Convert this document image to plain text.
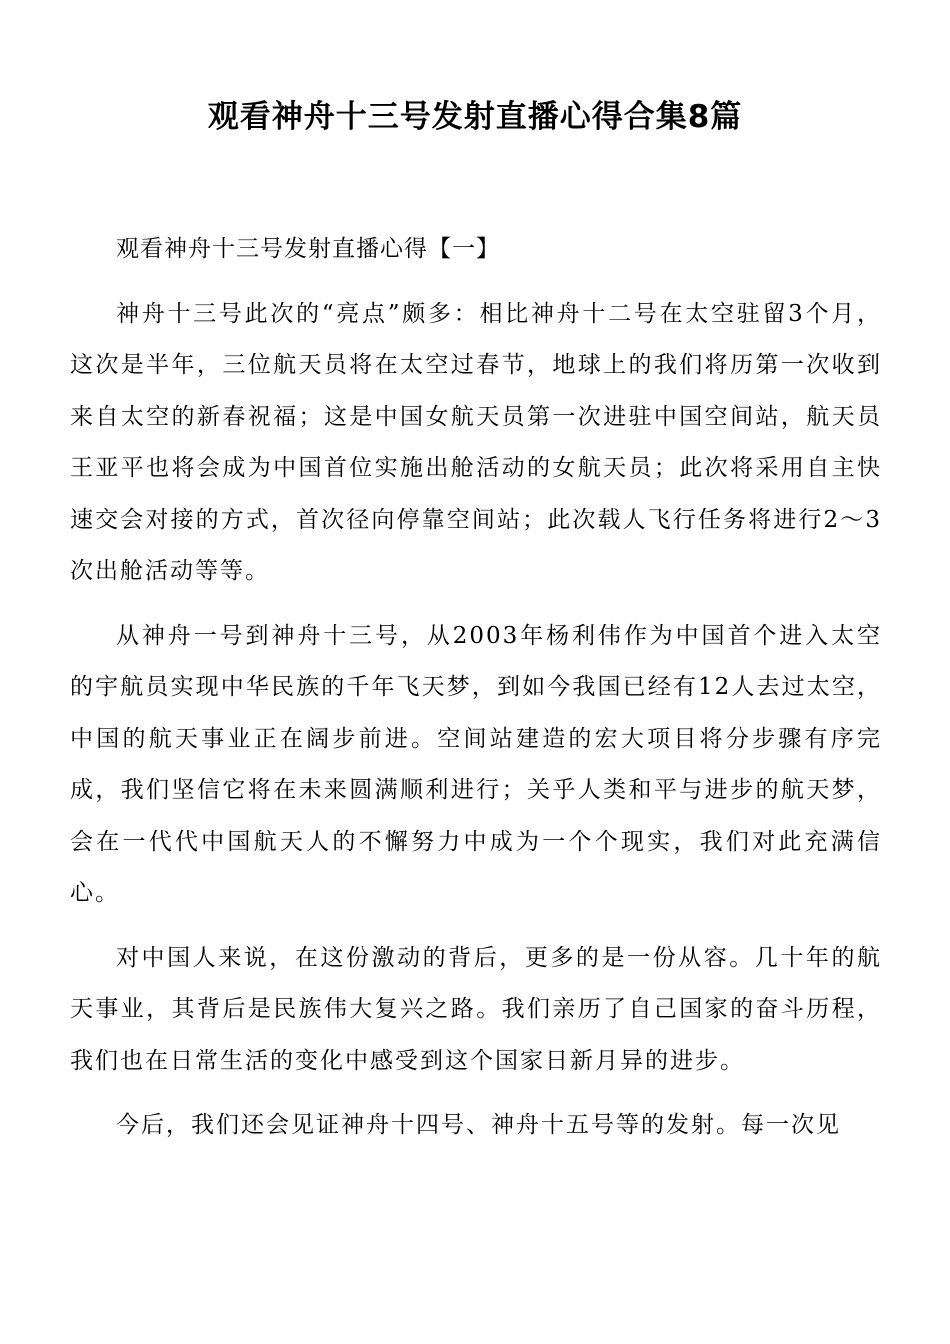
观看神舟十三号发射直播心得合集8篇

观看神舟十三号发射直播心得【一】

神舟十三号此次的“亮点”颇多：相比神舟十二号在太空驻留3个月，这次是半年，三位航天员将在太空过春节，地球上的我们将历第一次收到来自太空的新春祝福；这是中国女航天员第一次进驻中国空间站，航天员王亚平也将会成为中国首位实施出舱活动的女航天员；此次将采用自主快速交会对接的方式，首次径向停靠空间站；此次载人飞行任务将进行2～3次出舱活动等等。

从神舟一号到神舟十三号，从2003年杨利伟作为中国首个进入太空的宇航员实现中华民族的千年飞天梦，到如今我国已经有12人去过太空，中国的航天事业正在阔步前进。空间站建造的宏大项目将分步骤有序完成，我们坚信它将在未来圆满顺利进行；关乎人类和平与进步的航天梦，会在一代代中国航天人的不懈努力中成为一个个现实，我们对此充满信心。

对中国人来说，在这份激动的背后，更多的是一份从容。几十年的航天事业，其背后是民族伟大复兴之路。我们亲历了自己国家的奋斗历程，我们也在日常生活的变化中感受到这个国家日新月异的进步。

今后，我们还会见证神舟十四号、神舟十五号等的发射。每一次见
